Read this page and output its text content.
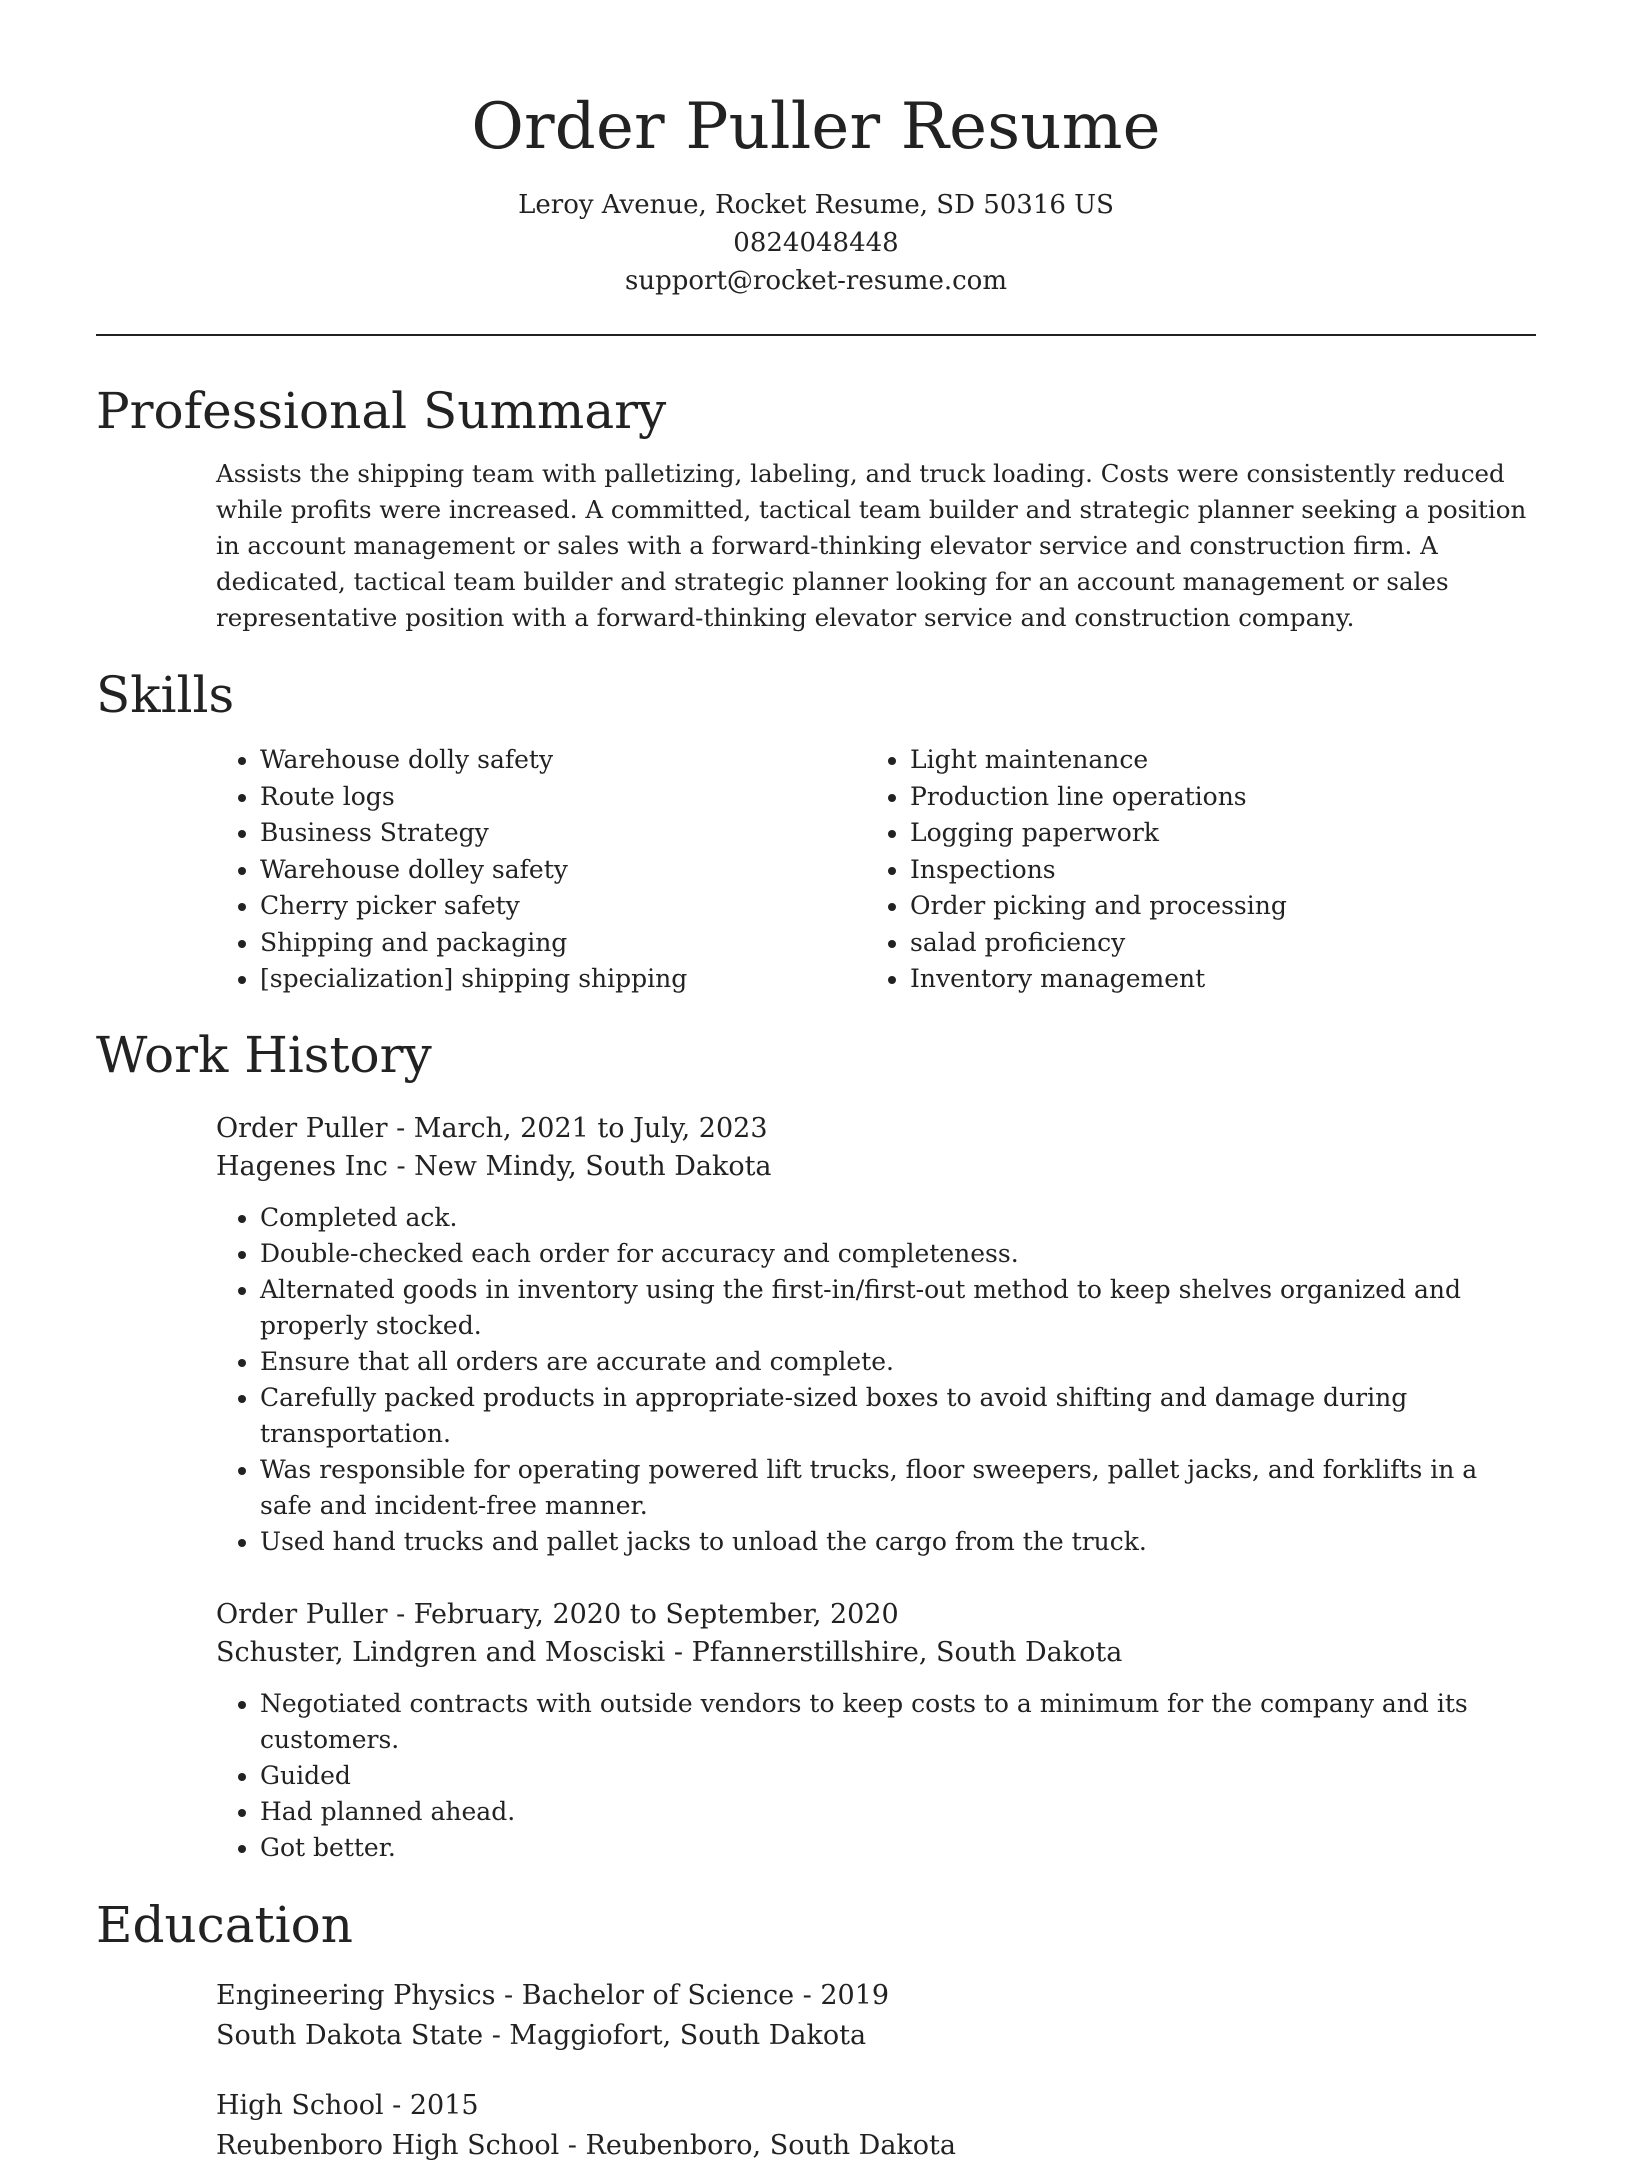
Order Puller Resume
Leroy Avenue, Rocket Resume, SD 50316 US
0824048448
support@rocket-resume.com
Professional Summary

Assists the shipping team with palletizing, labeling, and truck loading. Costs were consistently reduced while profits were increased. A committed, tactical team builder and strategic planner seeking a position in account management or sales with a forward-thinking elevator service and construction firm. A dedicated, tactical team builder and strategic planner looking for an account management or sales representative position with a forward-thinking elevator service and construction company.

Skills
• Warehouse dolly safety
• Route logs
• Business Strategy
• Warehouse dolley safety
• Cherry picker safety
• Shipping and packaging
• [specialization] shipping shipping
• Light maintenance
• Production line operations
• Logging paperwork
• Inspections
• Order picking and processing
• salad proficiency
• Inventory management
Work History
Order Puller - March, 2021 to July, 2023
Hagenes Inc - New Mindy, South Dakota
• Completed ack.
• Double-checked each order for accuracy and completeness.
• Alternated goods in inventory using the first-in/first-out method to keep shelves organized and properly stocked.
• Ensure that all orders are accurate and complete.
• Carefully packed products in appropriate-sized boxes to avoid shifting and damage during transportation.
• Was responsible for operating powered lift trucks, floor sweepers, pallet jacks, and forklifts in a safe and incident-free manner.
• Used hand trucks and pallet jacks to unload the cargo from the truck.
Order Puller - February, 2020 to September, 2020
Schuster, Lindgren and Mosciski - Pfannerstillshire, South Dakota
• Negotiated contracts with outside vendors to keep costs to a minimum for the company and its customers.
• Guided
• Had planned ahead.
• Got better.
Education
Engineering Physics - Bachelor of Science - 2019
South Dakota State - Maggiofort, South Dakota
High School - 2015
Reubenboro High School - Reubenboro, South Dakota
